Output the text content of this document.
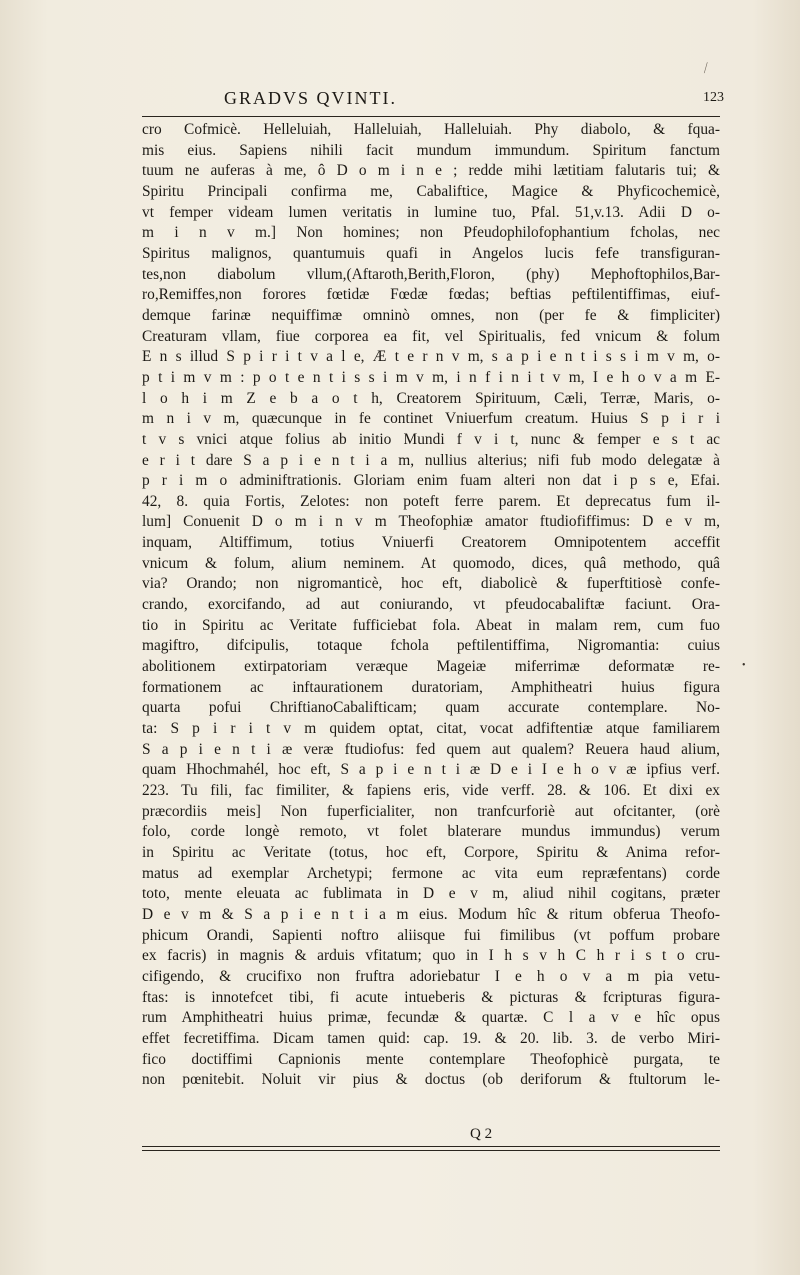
⁄
GRADVS QVINTI.	123
cro Cofmicè. Helleluiah, Halleluiah, Halleluiah. Phy diabolo, & fqua-
mis eius. Sapiens nihili facit mundum immundum. Spiritum fanctum
tuum ne auferas à me, ô D o m i n e ; redde mihi lætitiam falutaris tui; &
Spiritu Principali confirma me, Cabaliftice, Magice & Phyficochemicè,
vt femper videam lumen veritatis in lumine tuo, Pfal. 51,v.13. Adii D o-
m i n v m.] Non homines; non Pfeudophilofophantium fcholas, nec
Spiritus malignos, quantumuis quafi in Angelos lucis fefe transfiguran-
tes,non diabolum vllum,(Aftaroth,Berith,Floron, (phy) Mephoftophilos,Bar-
ro,Remiffes,non forores fœtidæ Fœdæ fœdas; beftias peftilentiffimas, eiuf-
demque farinæ nequiffimæ omninò omnes, non (per fe & fimpliciter)
Creaturam vllam, fiue corporea ea fit, vel Spiritualis, fed vnicum & folum
E n s illud S p i r i t v a l e, Æ t e r n v m, s a p i e n t i s s i m v m, o-
p t i m v m : p o t e n t i s s i m v m, i n f i n i t v m, I e h o v a m E-
l o h i m Z e b a o t h, Creatorem Spirituum, Cæli, Terræ, Maris, o-
m n i v m, quæcunque in fe continet Vniuerfum creatum. Huius S p i r i
t v s vnici atque folius ab initio Mundi f v i t, nunc & femper e s t ac
e r i t dare S a p i e n t i a m, nullius alterius; nifi fub modo delegatæ à
p r i m o adminiftrationis. Gloriam enim fuam alteri non dat i p s e, Efai.
42, 8. quia Fortis, Zelotes: non poteft ferre parem. Et deprecatus fum il-
lum] Conuenit D o m i n v m Theofophiæ amator ftudiofiffimus: D e v m,
inquam, Altiffimum, totius Vniuerfi Creatorem Omnipotentem acceffit
vnicum & folum, alium neminem. At quomodo, dices, quâ methodo, quâ
via? Orando; non nigromanticè, hoc eft, diabolicè & fuperftitiosè confe-
crando, exorcifando, ad aut coniurando, vt pfeudocabaliftæ faciunt. Ora-
tio in Spiritu ac Veritate fufficiebat fola. Abeat in malam rem, cum fuo
magiftro, difcipulis, totaque fchola peftilentiffima, Nigromantia: cuius
abolitionem extirpatoriam veræque Mageiæ miferrimæ deformatæ re-
formationem ac inftaurationem duratoriam, Amphitheatri huius figura
quarta pofui ChriftianoCabalifticam; quam accurate contemplare. No-
ta: S p i r i t v m quidem optat, citat, vocat adfiftentiæ atque familiarem
S a p i e n t i æ veræ ftudiofus: fed quem aut qualem? Reuera haud alium,
quam Hhochmahél, hoc eft, S a p i e n t i æ D e i I e h o v æ ipfius verf.
223. Tu fili, fac fimiliter, & fapiens eris, vide verff. 28. & 106. Et dixi ex
præcordiis meis] Non fuperficialiter, non tranfcurforiè aut ofcitanter, (orè
folo, corde longè remoto, vt folet blaterare mundus immundus) verum
in Spiritu ac Veritate (totus, hoc eft, Corpore, Spiritu & Anima refor-
matus ad exemplar Archetypi; fermone ac vita eum repræfentans) corde
toto, mente eleuata ac fublimata in D e v m, aliud nihil cogitans, præter
D e v m & S a p i e n t i a m eius. Modum hîc & ritum obferua Theofo-
phicum Orandi, Sapienti noftro aliisque fui fimilibus (vt poffum probare
ex facris) in magnis & arduis vfitatum; quo in I h s v h C h r i s t o cru-
cifigendo, & crucifixo non fruftra adoriebatur I e h o v a m pia vetu-
ftas: is innotefcet tibi, fi acute intueberis & picturas & fcripturas figura-
rum Amphitheatri huius primæ, fecundæ & quartæ. C l a v e hîc opus
effet fecretiffima. Dicam tamen quid: cap. 19. & 20. lib. 3. de verbo Miri-
fico doctiffimi Capnionis mente contemplare Theofophicè purgata, te
non pœnitebit. Noluit vir pius & doctus (ob deriforum & ftultorum le-
•
Q 2
